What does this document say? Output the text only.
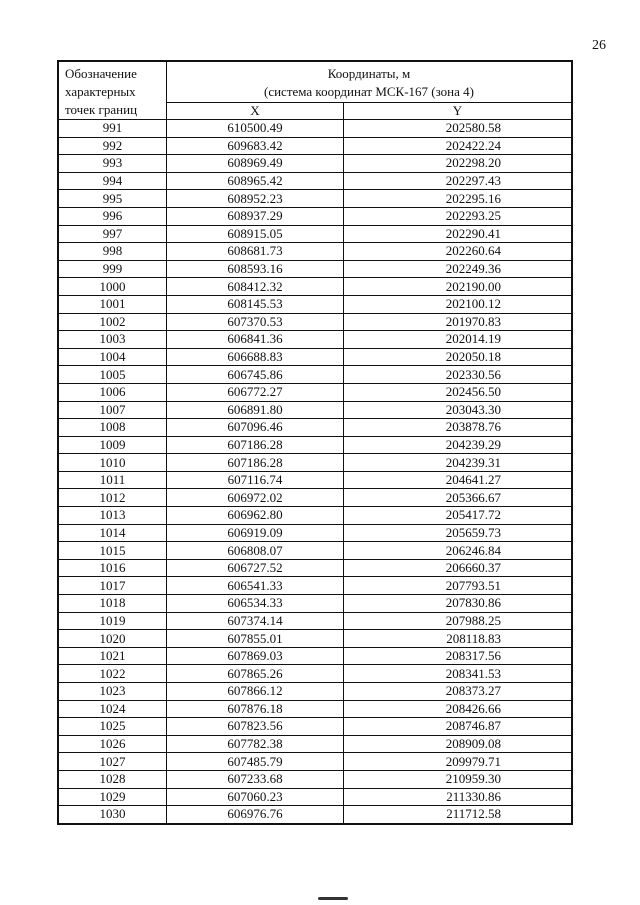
26
Обозначение
характерных
точек границ	Координаты, м
(система координат МСК-167 (зона 4)	

	X	Y
991	610500.49	202580.58
992	609683.42	202422.24
993	608969.49	202298.20
994	608965.42	202297.43
995	608952.23	202295.16
996	608937.29	202293.25
997	608915.05	202290.41
998	608681.73	202260.64
999	608593.16	202249.36
1000	608412.32	202190.00
1001	608145.53	202100.12
1002	607370.53	201970.83
1003	606841.36	202014.19
1004	606688.83	202050.18
1005	606745.86	202330.56
1006	606772.27	202456.50
1007	606891.80	203043.30
1008	607096.46	203878.76
1009	607186.28	204239.29
1010	607186.28	204239.31
1011	607116.74	204641.27
1012	606972.02	205366.67
1013	606962.80	205417.72
1014	606919.09	205659.73
1015	606808.07	206246.84
1016	606727.52	206660.37
1017	606541.33	207793.51
1018	606534.33	207830.86
1019	607374.14	207988.25
1020	607855.01	208118.83
1021	607869.03	208317.56
1022	607865.26	208341.53
1023	607866.12	208373.27
1024	607876.18	208426.66
1025	607823.56	208746.87
1026	607782.38	208909.08
1027	607485.79	209979.71
1028	607233.68	210959.30
1029	607060.23	211330.86
1030	606976.76	211712.58
